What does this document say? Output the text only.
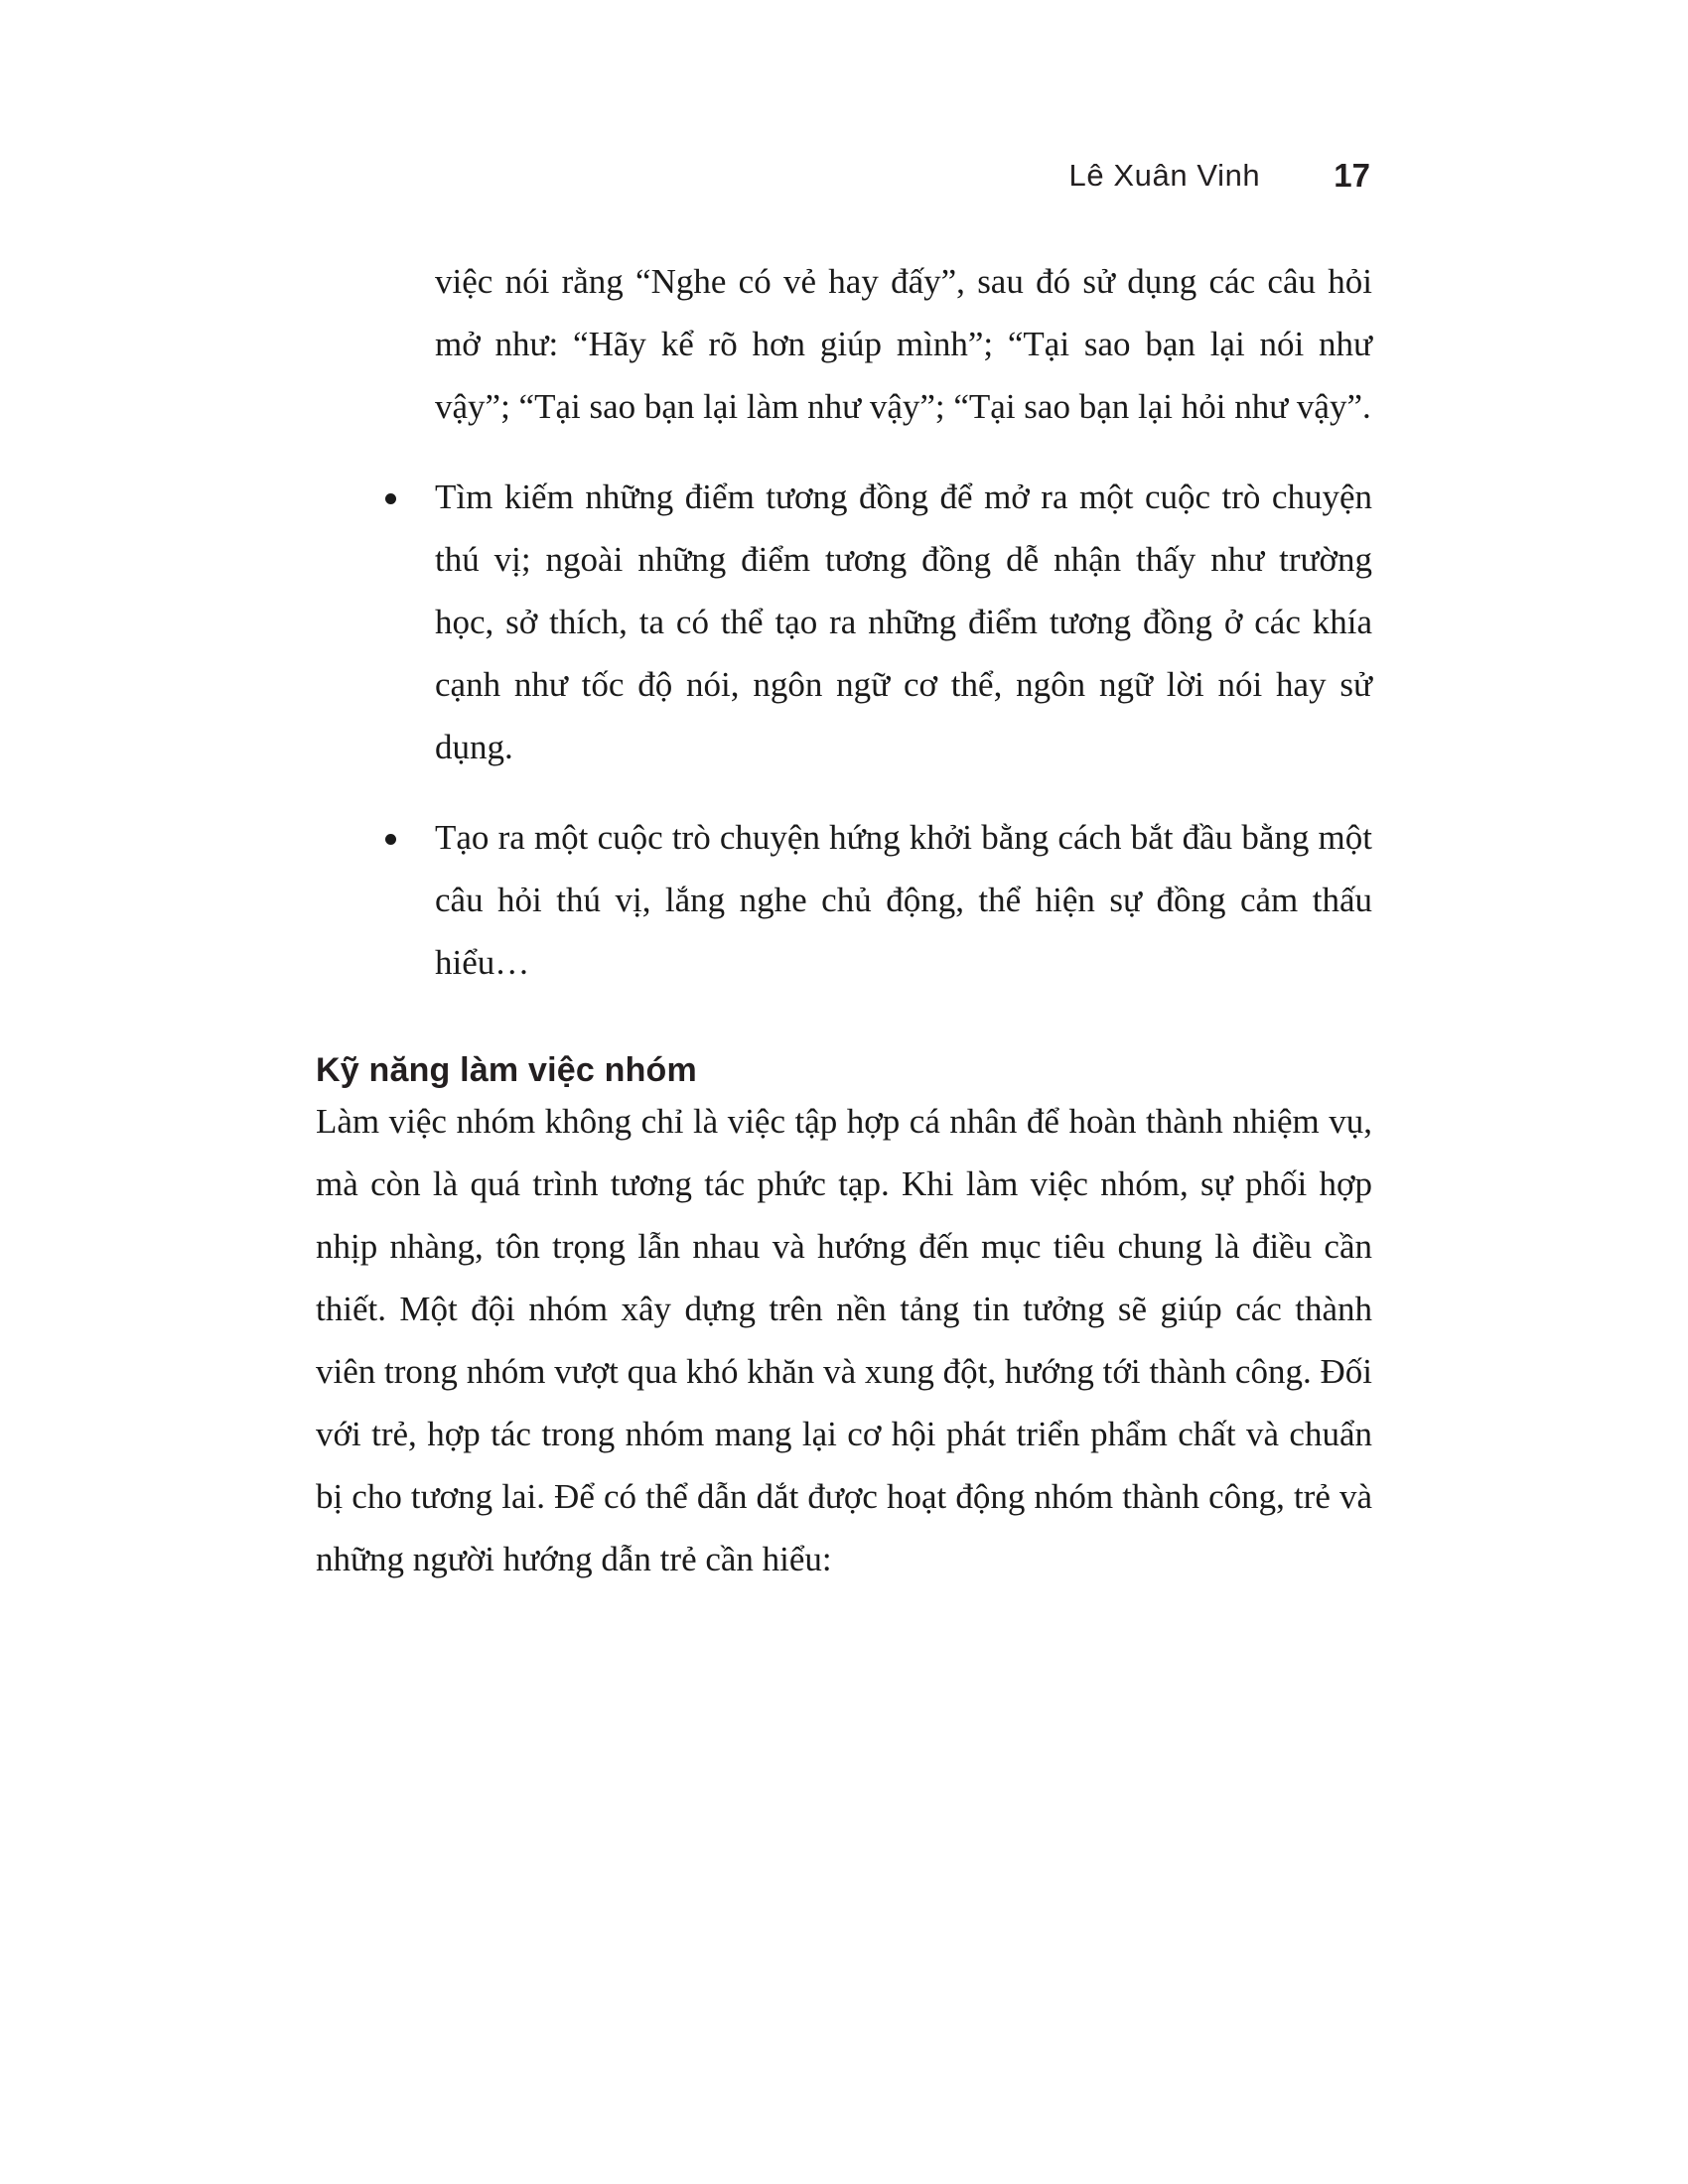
Lê Xuân Vinh 17

việc nói rằng “Nghe có vẻ hay đấy”, sau đó sử dụng các câu hỏi mở như: “Hãy kể rõ hơn giúp mình”; “Tại sao bạn lại nói như vậy”; “Tại sao bạn lại làm như vậy”; “Tại sao bạn lại hỏi như vậy”.

Tìm kiếm những điểm tương đồng để mở ra một cuộc trò chuyện thú vị; ngoài những điểm tương đồng dễ nhận thấy như trường học, sở thích, ta có thể tạo ra những điểm tương đồng ở các khía cạnh như tốc độ nói, ngôn ngữ cơ thể, ngôn ngữ lời nói hay sử dụng.
Tạo ra một cuộc trò chuyện hứng khởi bằng cách bắt đầu bằng một câu hỏi thú vị, lắng nghe chủ động, thể hiện sự đồng cảm thấu hiểu…
Kỹ năng làm việc nhóm

Làm việc nhóm không chỉ là việc tập hợp cá nhân để hoàn thành nhiệm vụ, mà còn là quá trình tương tác phức tạp. Khi làm việc nhóm, sự phối hợp nhịp nhàng, tôn trọng lẫn nhau và hướng đến mục tiêu chung là điều cần thiết. Một đội nhóm xây dựng trên nền tảng tin tưởng sẽ giúp các thành viên trong nhóm vượt qua khó khăn và xung đột, hướng tới thành công. Đối với trẻ, hợp tác trong nhóm mang lại cơ hội phát triển phẩm chất và chuẩn bị cho tương lai. Để có thể dẫn dắt được hoạt động nhóm thành công, trẻ và những người hướng dẫn trẻ cần hiểu:
